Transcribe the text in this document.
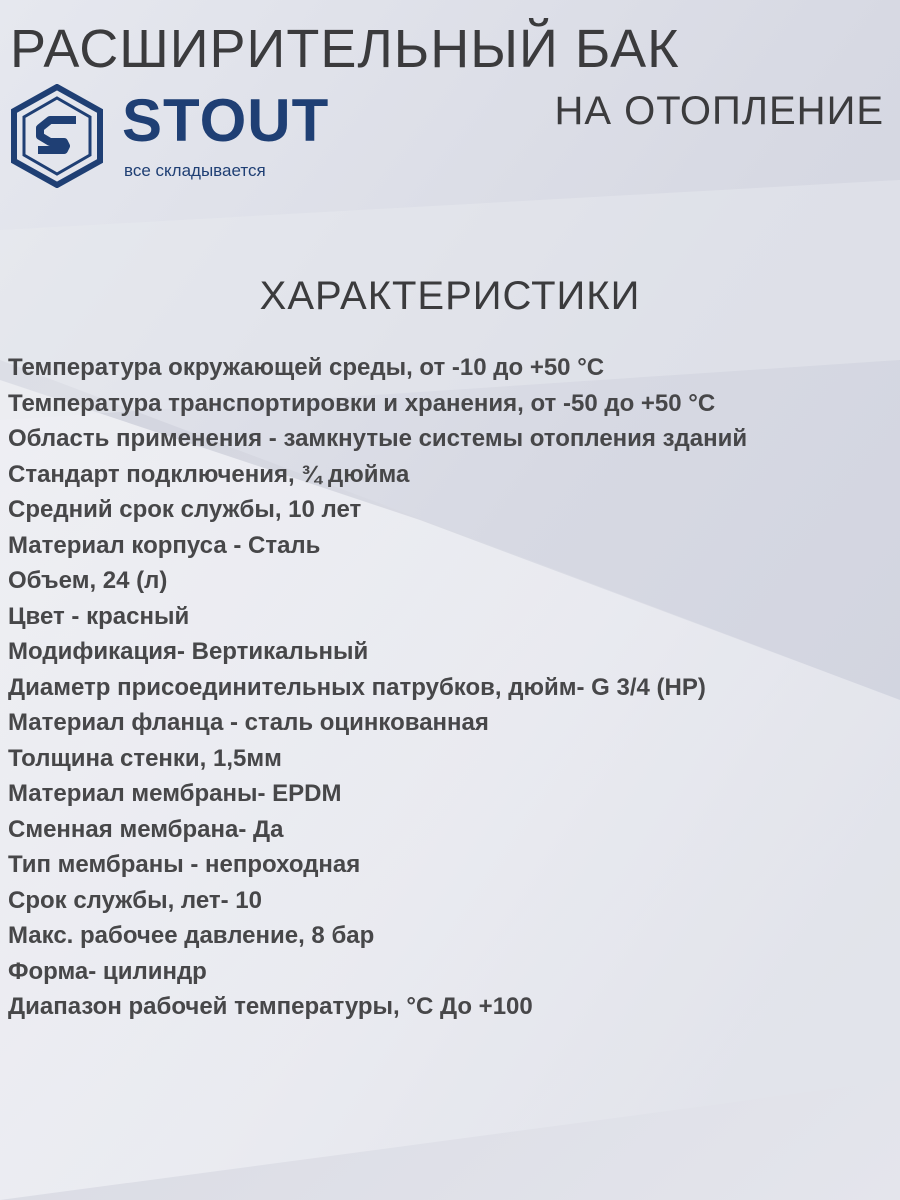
РАСШИРИТЕЛЬНЫЙ БАК
НА ОТОПЛЕНИЕ
STOUT
все складывается
ХАРАКТЕРИСТИКИ
Температура окружающей среды, от -10 до +50 °С
Температура транспортировки и хранения, от -50 до +50 °С
Область применения - замкнутые системы отопления зданий
Стандарт подключения, ¾ дюйма
Средний срок службы, 10 лет
Материал корпуса - Сталь
Объем, 24 (л)
Цвет - красный
Модификация- Вертикальный
Диаметр присоединительных патрубков, дюйм- G 3/4 (НР)
Материал фланца - сталь оцинкованная
Толщина стенки, 1,5мм
Материал мембраны- EPDM
Сменная мембрана- Да
Тип мембраны - непроходная
Срок службы, лет- 10
Макс. рабочее давление, 8 бар
Форма- цилиндр
Диапазон рабочей температуры, °С До +100
